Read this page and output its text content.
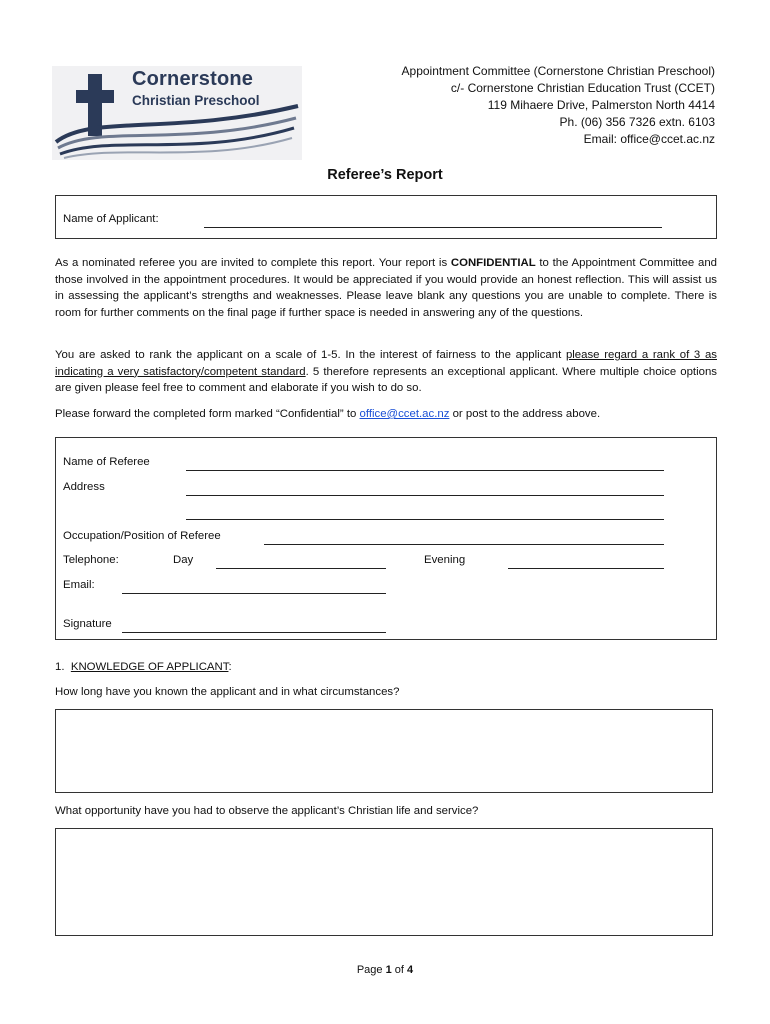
Cornerstone
Christian Preschool
Appointment Committee (Cornerstone Christian Preschool)
c/- Cornerstone Christian Education Trust (CCET)
119 Mihaere Drive, Palmerston North 4414
Ph. (06) 356 7326 extn. 6103
Email: office@ccet.ac.nz
Referee’s Report
Name of Applicant:
As a nominated referee you are invited to complete this report. Your report is CONFIDENTIAL to the Appointment Committee and those involved in the appointment procedures. It would be appreciated if you would provide an honest reflection. This will assist us in assessing the applicant’s strengths and weaknesses. Please leave blank any questions you are unable to complete. There is room for further comments on the final page if further space is needed in answering any of the questions.
You are asked to rank the applicant on a scale of 1-5. In the interest of fairness to the applicant please regard a rank of 3 as indicating a very satisfactory/competent standard. 5 therefore represents an exceptional applicant. Where multiple choice options are given please feel free to comment and elaborate if you wish to do so.
Please forward the completed form marked “Confidential” to office@ccet.ac.nz or post to the address above.
Name of Referee
Address
Occupation/Position of Referee
Telephone:	Day	Evening
Email:
Signature
1. KNOWLEDGE OF APPLICANT:
How long have you known the applicant and in what circumstances?
What opportunity have you had to observe the applicant’s Christian life and service?
Page 1 of 4
